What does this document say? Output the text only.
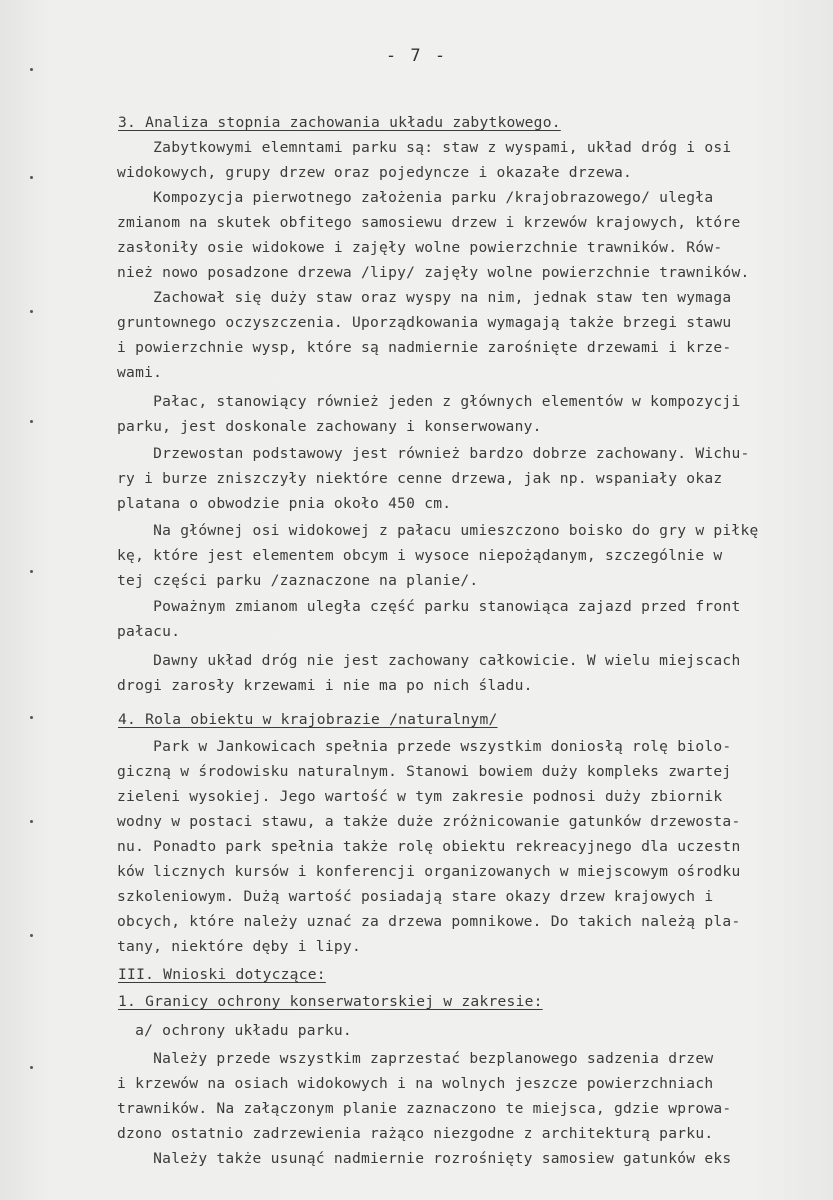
- 7 -
3. Analiza stopnia zachowania układu zabytkowego.
Zabytkowymi elemntami parku są: staw z wyspami, układ dróg i osi
widokowych, grupy drzew oraz pojedyncze i okazałe drzewa.
Kompozycja pierwotnego założenia parku /krajobrazowego/ uległa
zmianom na skutek obfitego samosiewu drzew i krzewów krajowych, które
zasłoniły osie widokowe i zajęły wolne powierzchnie trawników. Rów-
nież nowo posadzone drzewa /lipy/ zajęły wolne powierzchnie trawników.
Zachował się duży staw oraz wyspy na nim, jednak staw ten wymaga
gruntownego oczyszczenia. Uporządkowania wymagają także brzegi stawu
i powierzchnie wysp, które są nadmiernie zarośnięte drzewami i krze-
wami.
Pałac, stanowiący również jeden z głównych elementów w kompozycji
parku, jest doskonale zachowany i konserwowany.
Drzewostan podstawowy jest również bardzo dobrze zachowany. Wichu-
ry i burze zniszczyły niektóre cenne drzewa, jak np. wspaniały okaz
platana o obwodzie pnia około 450 cm.
Na głównej osi widokowej z pałacu umieszczono boisko do gry w piłkę
kę, które jest elementem obcym i wysoce niepożądanym, szczególnie w
tej części parku /zaznaczone na planie/.
Poważnym zmianom uległa część parku stanowiąca zajazd przed front
pałacu.
Dawny układ dróg nie jest zachowany całkowicie. W wielu miejscach
drogi zarosły krzewami i nie ma po nich śladu.
4. Rola obiektu w krajobrazie /naturalnym/
Park w Jankowicach spełnia przede wszystkim doniosłą rolę biolo-
giczną w środowisku naturalnym. Stanowi bowiem duży kompleks zwartej
zieleni wysokiej. Jego wartość w tym zakresie podnosi duży zbiornik
wodny w postaci stawu, a także duże zróżnicowanie gatunków drzewosta-
nu. Ponadto park spełnia także rolę obiektu rekreacyjnego dla uczestn
ków licznych kursów i konferencji organizowanych w miejscowym ośrodku
szkoleniowym. Dużą wartość posiadają stare okazy drzew krajowych i
obcych, które należy uznać za drzewa pomnikowe. Do takich należą pla-
tany, niektóre dęby i lipy.
III. Wnioski dotyczące:
1. Granicy ochrony konserwatorskiej w zakresie:
a/ ochrony układu parku.
Należy przede wszystkim zaprzestać bezplanowego sadzenia drzew
i krzewów na osiach widokowych i na wolnych jeszcze powierzchniach
trawników. Na załączonym planie zaznaczono te miejsca, gdzie wprowa-
dzono ostatnio zadrzewienia rażąco niezgodne z architekturą parku.
Należy także usunąć nadmiernie rozrośnięty samosiew gatunków eks
